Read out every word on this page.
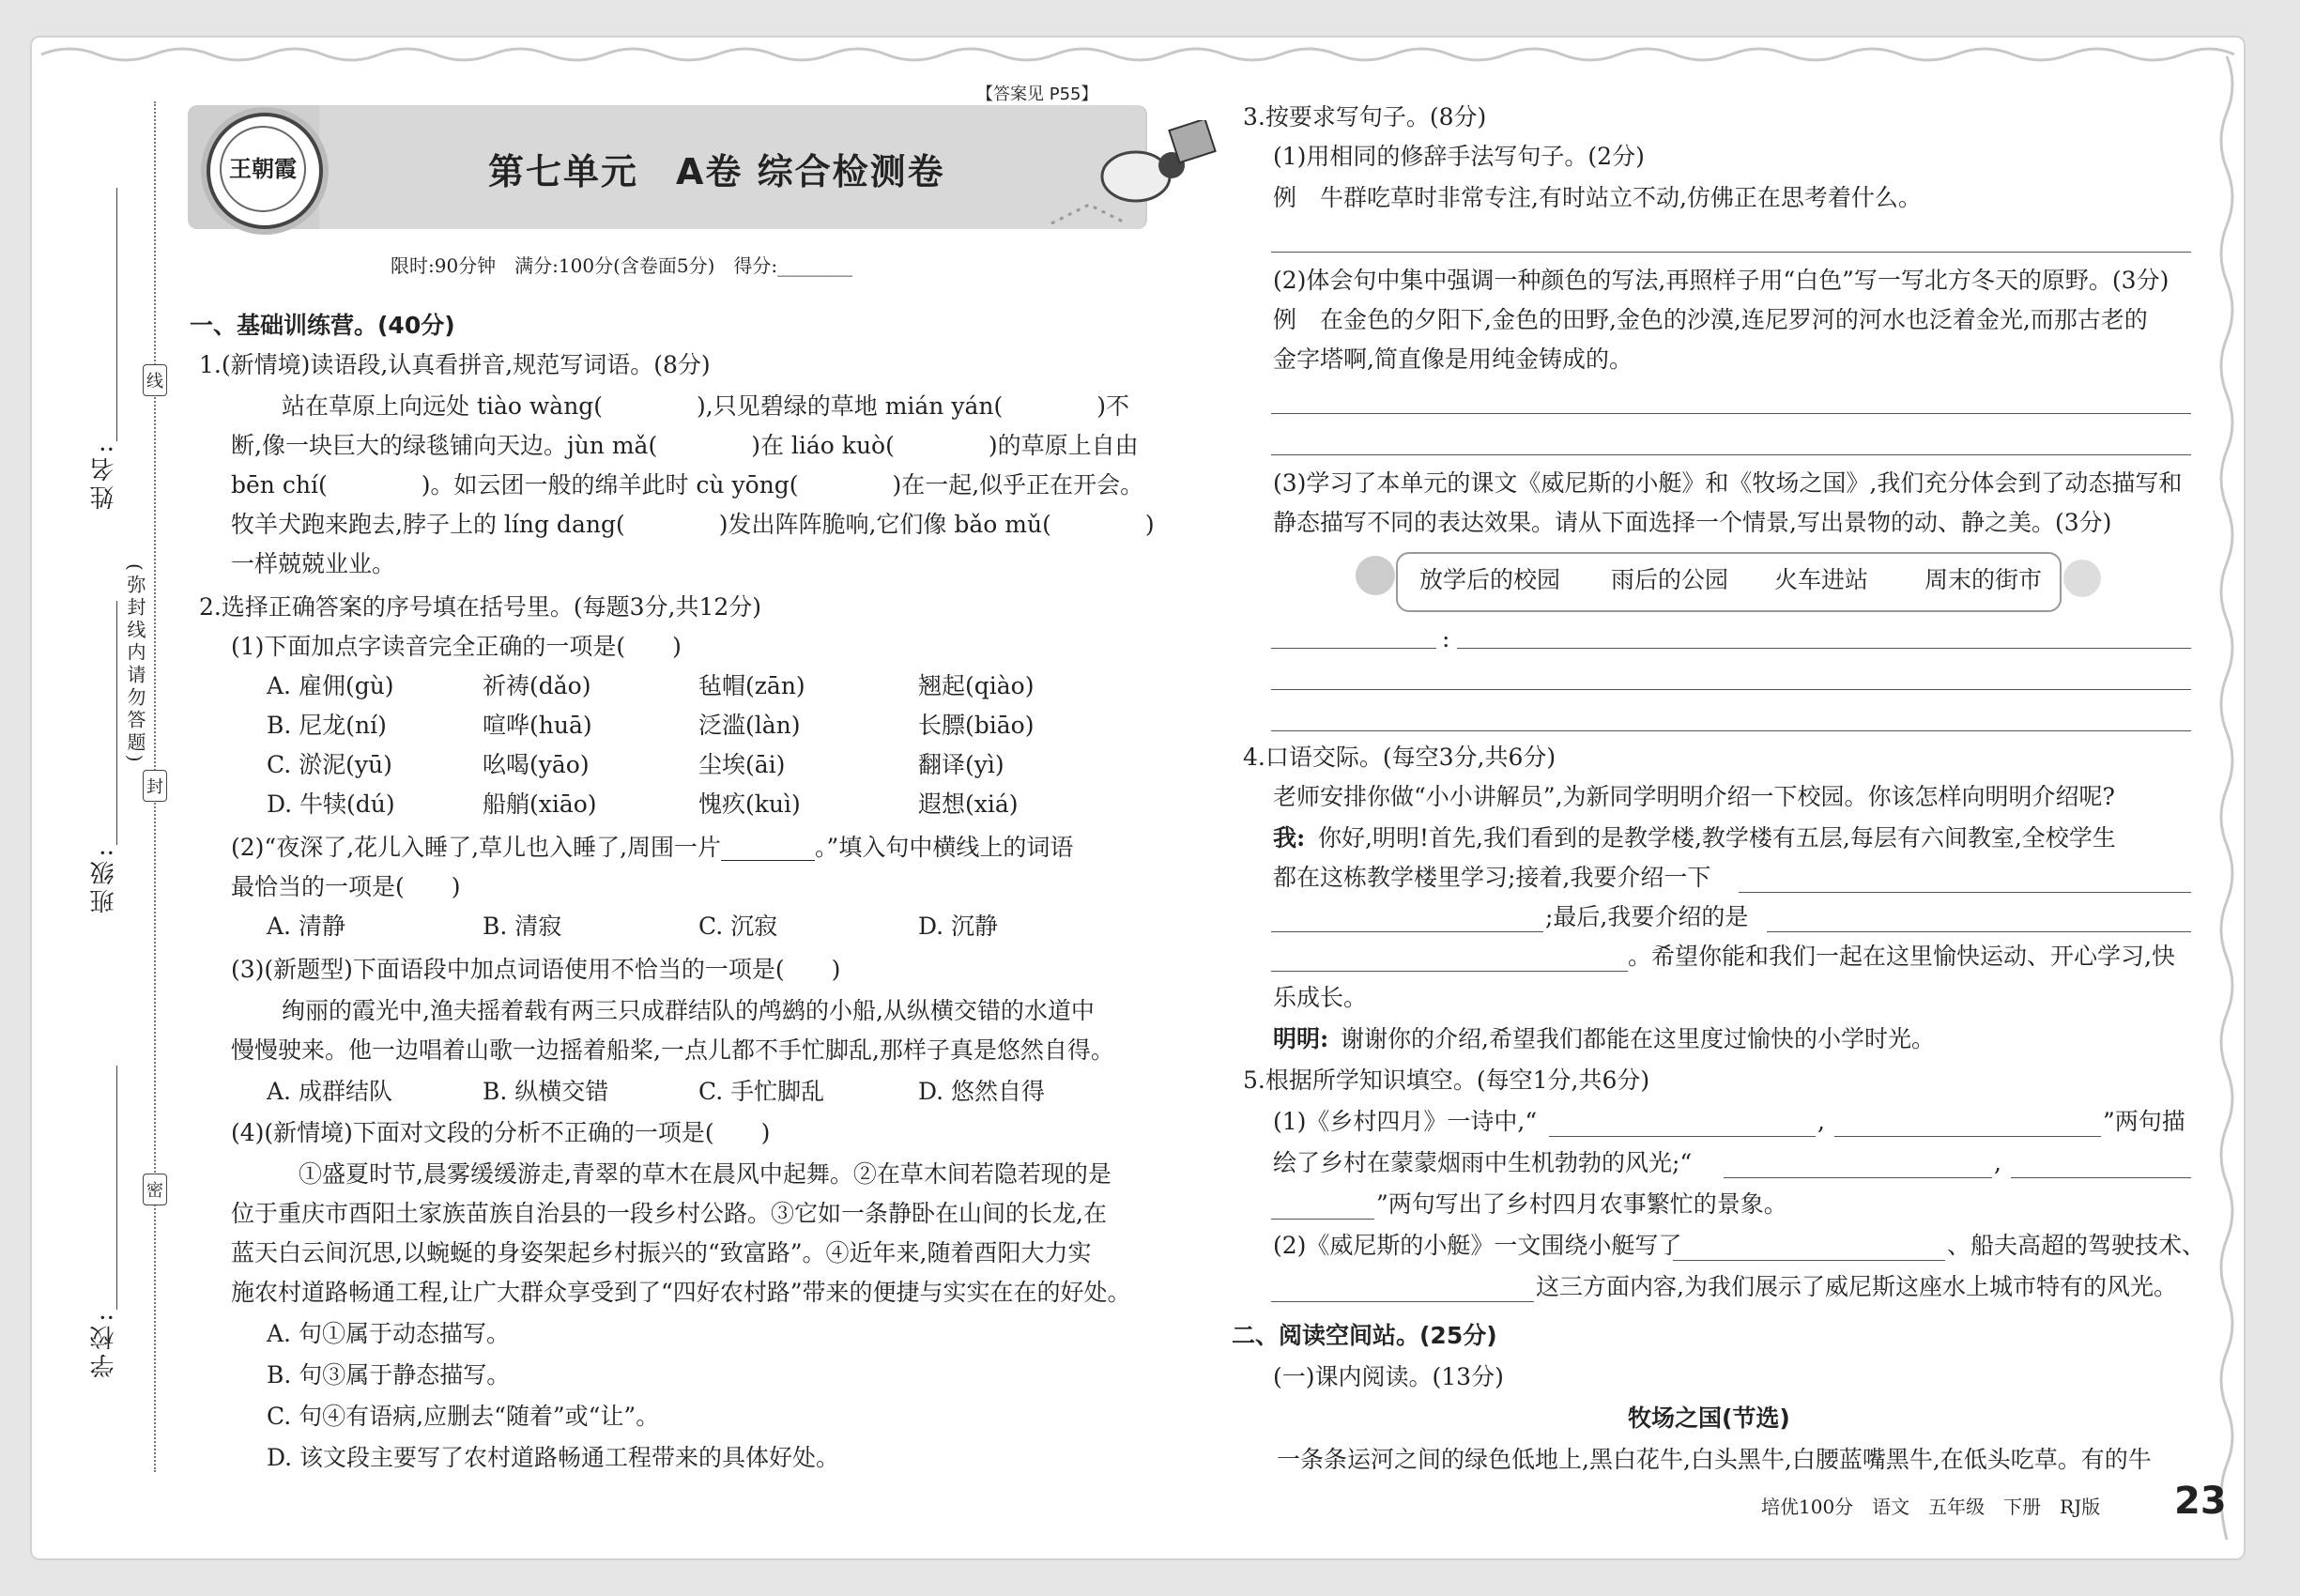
线
封
密
(弥封线内请勿答题)
姓名:
班级:
学校:
王朝霞	第七单元　A卷 综合检测卷
【答案见 P55】
限时:90分钟　满分:100分(含卷面5分)　得分:________
一、基础训练营。(40分)
1.(新情境)读语段,认真看拼音,规范写词语。(8分)
站在草原上向远处 tiào wàng(　　　　),只见碧绿的草地 mián yán(　　　　)不
断,像一块巨大的绿毯铺向天边。jùn mǎ(　　　　)在 liáo kuò(　　　　)的草原上自由
bēn chí(　　　　)。如云团一般的绵羊此时 cù yōng(　　　　)在一起,似乎正在开会。
牧羊犬跑来跑去,脖子上的 líng dang(　　　　)发出阵阵脆响,它们像 bǎo mǔ(　　　　)
一样兢兢业业。
2.选择正确答案的序号填在括号里。(每题3分,共12分)
(1)下面加点字读音完全正确的一项是(　　)
A. 雇佣(gù)	祈祷(dǎo)	毡帽(zān)	翘起(qiào)
B. 尼龙(ní)	喧哗(huā)	泛滥(làn)	长膘(biāo)
C. 淤泥(yū)	吆喝(yāo)	尘埃(āi)	翻译(yì)
D. 牛犊(dú)	船艄(xiāo)	愧疚(kuì)	遐想(xiá)
(2)“夜深了,花儿入睡了,草儿也入睡了,周围一片________。”填入句中横线上的词语
最恰当的一项是(　　)
A. 清静	B. 清寂	C. 沉寂	D. 沉静
(3)(新题型)下面语段中加点词语使用不恰当的一项是(　　)
绚丽的霞光中,渔夫摇着载有两三只成群结队的鸬鹚的小船,从纵横交错的水道中
慢慢驶来。他一边唱着山歌一边摇着船桨,一点儿都不手忙脚乱,那样子真是悠然自得。
A. 成群结队	B. 纵横交错	C. 手忙脚乱	D. 悠然自得
(4)(新情境)下面对文段的分析不正确的一项是(　　)
①盛夏时节,晨雾缓缓游走,青翠的草木在晨风中起舞。②在草木间若隐若现的是
位于重庆市酉阳土家族苗族自治县的一段乡村公路。③它如一条静卧在山间的长龙,在
蓝天白云间沉思,以蜿蜒的身姿架起乡村振兴的“致富路”。④近年来,随着酉阳大力实
施农村道路畅通工程,让广大群众享受到了“四好农村路”带来的便捷与实实在在的好处。
A. 句①属于动态描写。
B. 句③属于静态描写。
C. 句④有语病,应删去“随着”或“让”。
D. 该文段主要写了农村道路畅通工程带来的具体好处。
3.按要求写句子。(8分)
(1)用相同的修辞手法写句子。(2分)
例　牛群吃草时非常专注,有时站立不动,仿佛正在思考着什么。
(2)体会句中集中强调一种颜色的写法,再照样子用“白色”写一写北方冬天的原野。(3分)
例　在金色的夕阳下,金色的田野,金色的沙漠,连尼罗河的河水也泛着金光,而那古老的
金字塔啊,简直像是用纯金铸成的。
(3)学习了本单元的课文《威尼斯的小艇》和《牧场之国》,我们充分体会到了动态描写和
静态描写不同的表达效果。请从下面选择一个情景,写出景物的动、静之美。(3分)
放学后的校园 雨后的公园 火车进站 周末的街市
:
4.口语交际。(每空3分,共6分)
老师安排你做“小小讲解员”,为新同学明明介绍一下校园。你该怎样向明明介绍呢?
我: 你好,明明!首先,我们看到的是教学楼,教学楼有五层,每层有六间教室,全校学生
都在这栋教学楼里学习;接着,我要介绍一下
;最后,我要介绍的是
。希望你能和我们一起在这里愉快运动、开心学习,快
乐成长。
明明: 谢谢你的介绍,希望我们都能在这里度过愉快的小学时光。
5.根据所学知识填空。(每空1分,共6分)
(1)《乡村四月》一诗中,“	,	”两句描
绘了乡村在蒙蒙烟雨中生机勃勃的风光;“	,
”两句写出了乡村四月农事繁忙的景象。
(2)《威尼斯的小艇》一文围绕小艇写了	、船夫高超的驾驶技术、
这三方面内容,为我们展示了威尼斯这座水上城市特有的风光。
二、阅读空间站。(25分)
(一)课内阅读。(13分)
牧场之国(节选)
一条条运河之间的绿色低地上,黑白花牛,白头黑牛,白腰蓝嘴黑牛,在低头吃草。有的牛
培优100分　语文　五年级　下册　RJ版 23
